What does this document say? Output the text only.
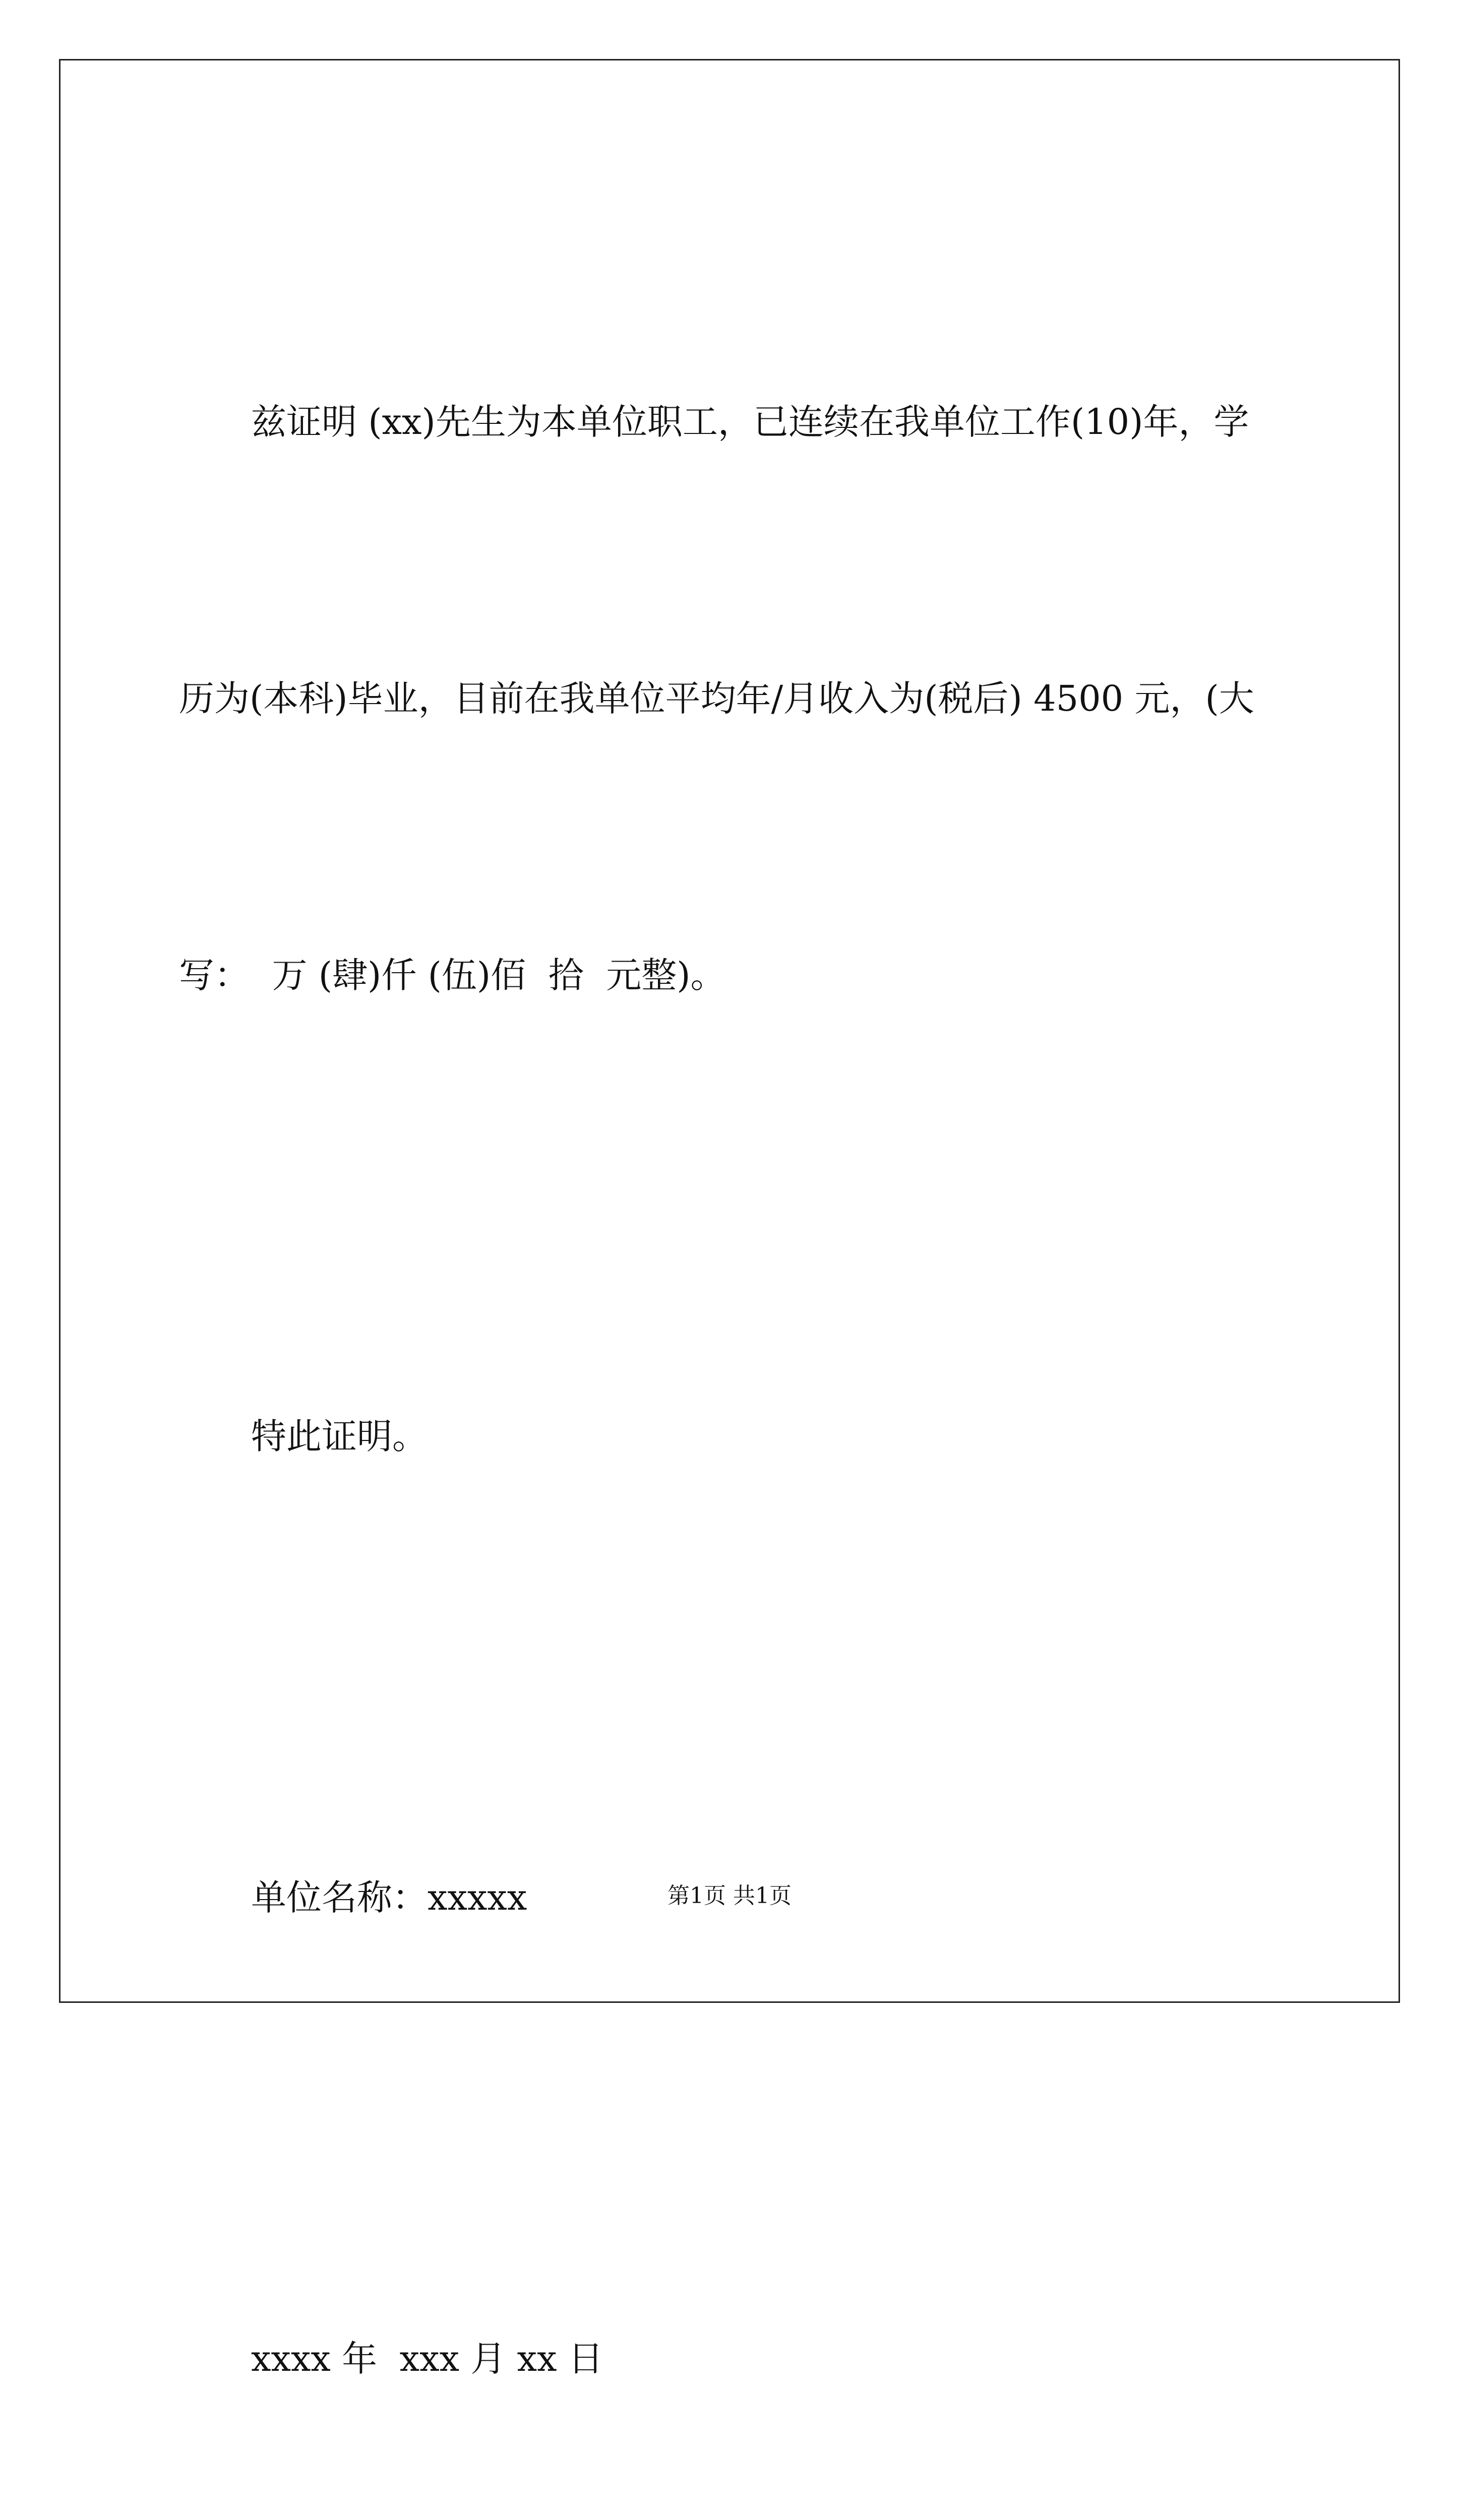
兹证明 (xx)先生为本单位职工，已连续在我单位工作(10)年，学

历为(本科)毕业，目前在我单位平均年/月收入为(税后) 4500 元，(大

写：  万 (肆)仟 (伍)佰  拾  元整)。

特此证明。

单位名称：xxxxx

xxxx 年  xxx 月 xx 日

第1页 共1页
